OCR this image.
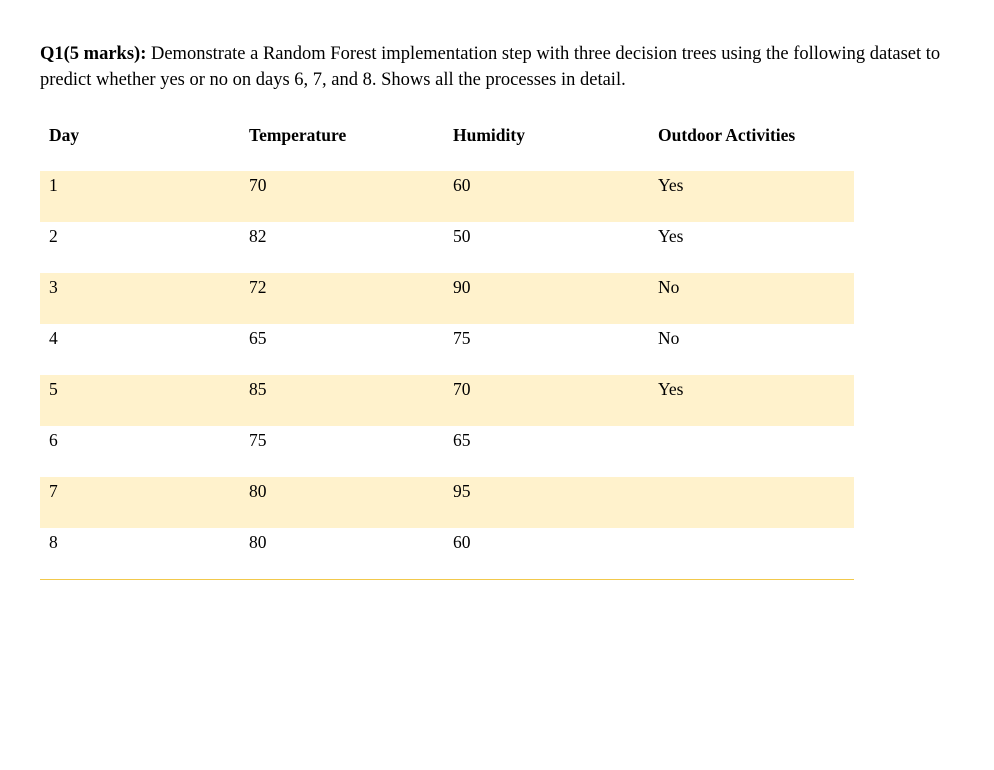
Q1(5 marks): Demonstrate a Random Forest implementation step with three decision trees using the following dataset to predict whether yes or no on days 6, 7, and 8. Shows all the processes in detail.

Day	Temperature	Humidity	Outdoor Activities
1	70	60	Yes
2	82	50	Yes
3	72	90	No
4	65	75	No
5	85	70	Yes
6	75	65	
7	80	95	
8	80	60	
